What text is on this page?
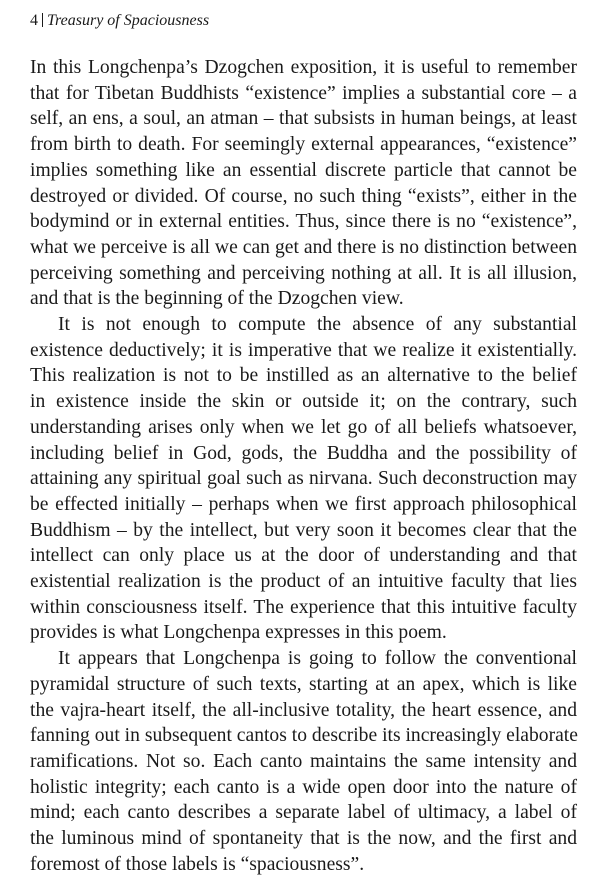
4 Treasury of Spaciousness
In this Longchenpa’s Dzogchen exposition, it is useful to remember
that for Tibetan Buddhists “existence” implies a substantial core – a
self, an ens, a soul, an atman – that subsists in human beings, at least
from birth to death. For seemingly external appearances, “existence”
implies something like an essential discrete particle that cannot be
destroyed or divided. Of course, no such thing “exists”, either in the
bodymind or in external entities. Thus, since there is no “existence”,
what we perceive is all we can get and there is no distinction between
perceiving something and perceiving nothing at all. It is all illusion,
and that is the beginning of the Dzogchen view.
It is not enough to compute the absence of any substantial
existence deductively; it is imperative that we realize it existentially.
This realization is not to be instilled as an alternative to the belief
in existence inside the skin or outside it; on the contrary, such
understanding arises only when we let go of all beliefs whatsoever,
including belief in God, gods, the Buddha and the possibility of
attaining any spiritual goal such as nirvana. Such deconstruction may
be effected initially – perhaps when we first approach philosophical
Buddhism – by the intellect, but very soon it becomes clear that the
intellect can only place us at the door of understanding and that
existential realization is the product of an intuitive faculty that lies
within consciousness itself. The experience that this intuitive faculty
provides is what Longchenpa expresses in this poem.
It appears that Longchenpa is going to follow the conventional
pyramidal structure of such texts, starting at an apex, which is like
the vajra-heart itself, the all-inclusive totality, the heart essence, and
fanning out in subsequent cantos to describe its increasingly elaborate
ramifications. Not so. Each canto maintains the same intensity and
holistic integrity; each canto is a wide open door into the nature of
mind; each canto describes a separate label of ultimacy, a label of
the luminous mind of spontaneity that is the now, and the first and
foremost of those labels is “spaciousness”.
